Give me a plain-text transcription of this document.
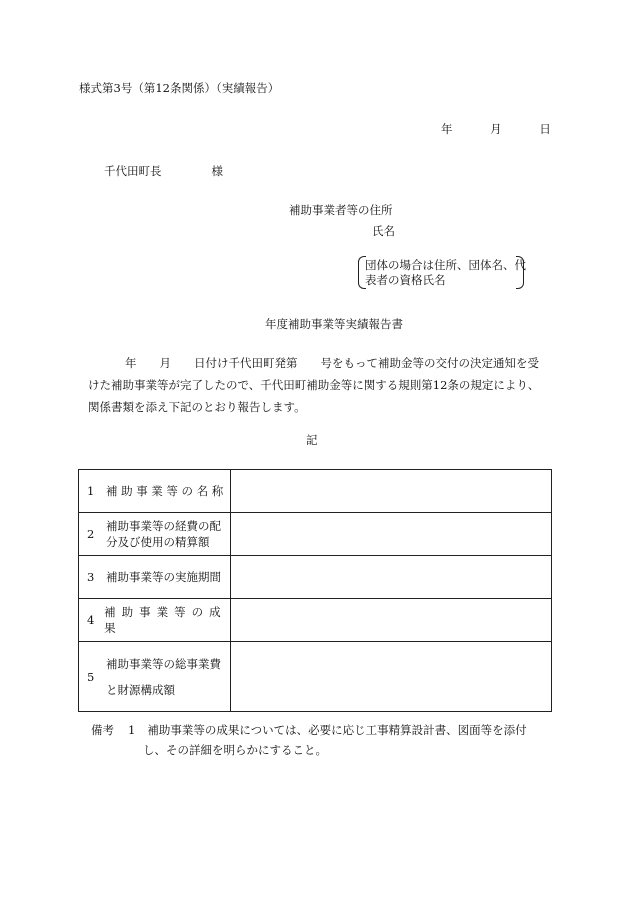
様式第3号（第12条関係）（実績報告）
年	月	日
千代田町長	様
補助事業者等の住所
氏名
団体の場合は住所、団体名、代
表者の資格氏名
年度補助事業等実績報告書
年　　月　　日付け千代田町発第　　号をもって補助金等の交付の決定通知を受
けた補助事業等が完了したので、千代田町補助金等に関する規則第12条の規定により、
関係書類を添え下記のとおり報告します。
記
1 補助事業等の名称	

2
補助事業等の経費の配
分及び使用の精算額	

3 補助事業等の実施期間	

4
補助事業等の成果	

5
補助事業等の総事業費
と財源構成額	

備考 1 補助事業等の成果については、必要に応じ工事精算設計書、図面等を添付
し、その詳細を明らかにすること。
